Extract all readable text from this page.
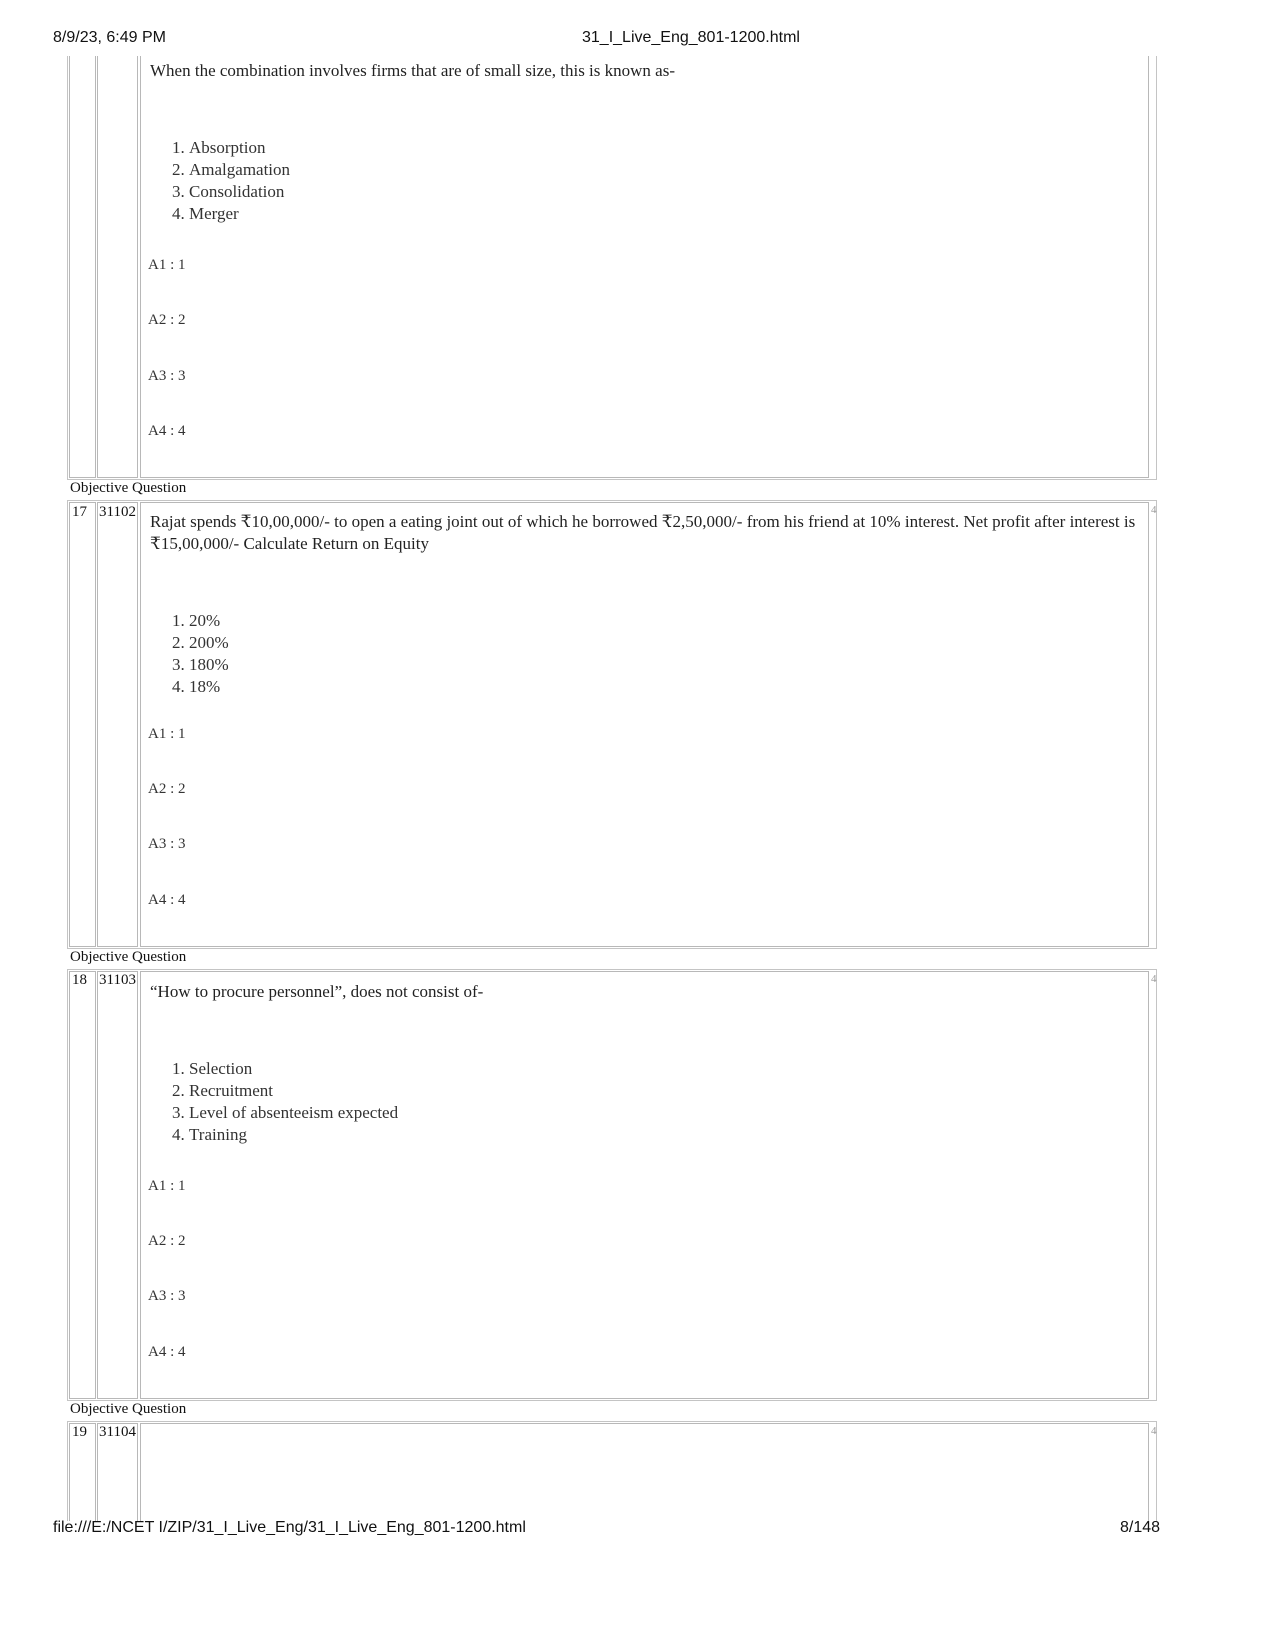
8/9/23, 6:49 PM	31_I_Live_Eng_801-1200.html
When the combination involves firms that are of small size, this is known as-
1. Absorption
2. Amalgamation
3. Consolidation
4. Merger
A1 : 1
A2 : 2
A3 : 3
A4 : 4
Objective Question
17 31102	4
Rajat spends ₹10,00,000/- to open a eating joint out of which he borrowed ₹2,50,000/- from his friend at 10% interest. Net profit after interest is ₹15,00,000/- Calculate Return on Equity
1. 20%
2. 200%
3. 180%
4. 18%
A1 : 1
A2 : 2
A3 : 3
A4 : 4
Objective Question
18 31103	4
“How to procure personnel”, does not consist of-
1. Selection
2. Recruitment
3. Level of absenteeism expected
4. Training
A1 : 1
A2 : 2
A3 : 3
A4 : 4
Objective Question
19 31104	4
file:///E:/NCET I/ZIP/31_I_Live_Eng/31_I_Live_Eng_801-1200.html	8/148
